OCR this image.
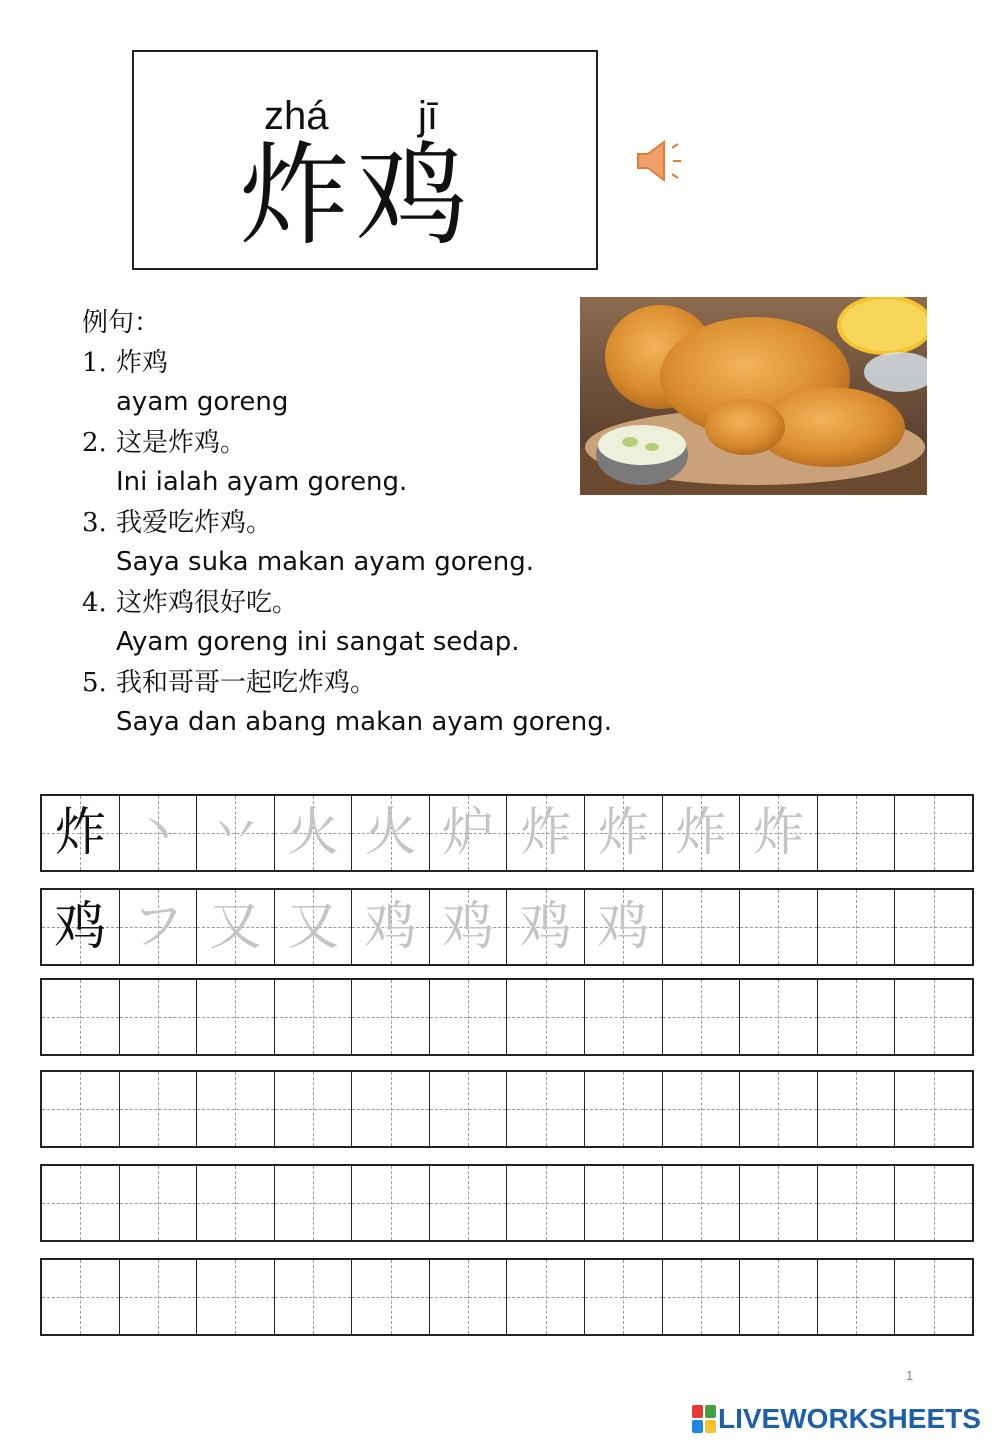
zhá jī
炸鸡
例句：
1. 炸鸡
ayam goreng
2. 这是炸鸡。
Ini ialah ayam goreng.
3. 我爱吃炸鸡。
Saya suka makan ayam goreng.
4. 这炸鸡很好吃。
Ayam goreng ini sangat sedap.
5. 我和哥哥一起吃炸鸡。
Saya dan abang makan ayam goreng.
炸 丶 丷 火 火 炉 炸 炸 炸 炸
鸡 フ 又 又 鸡 鸡 鸡 鸡
1
LIVEWORKSHEETS
